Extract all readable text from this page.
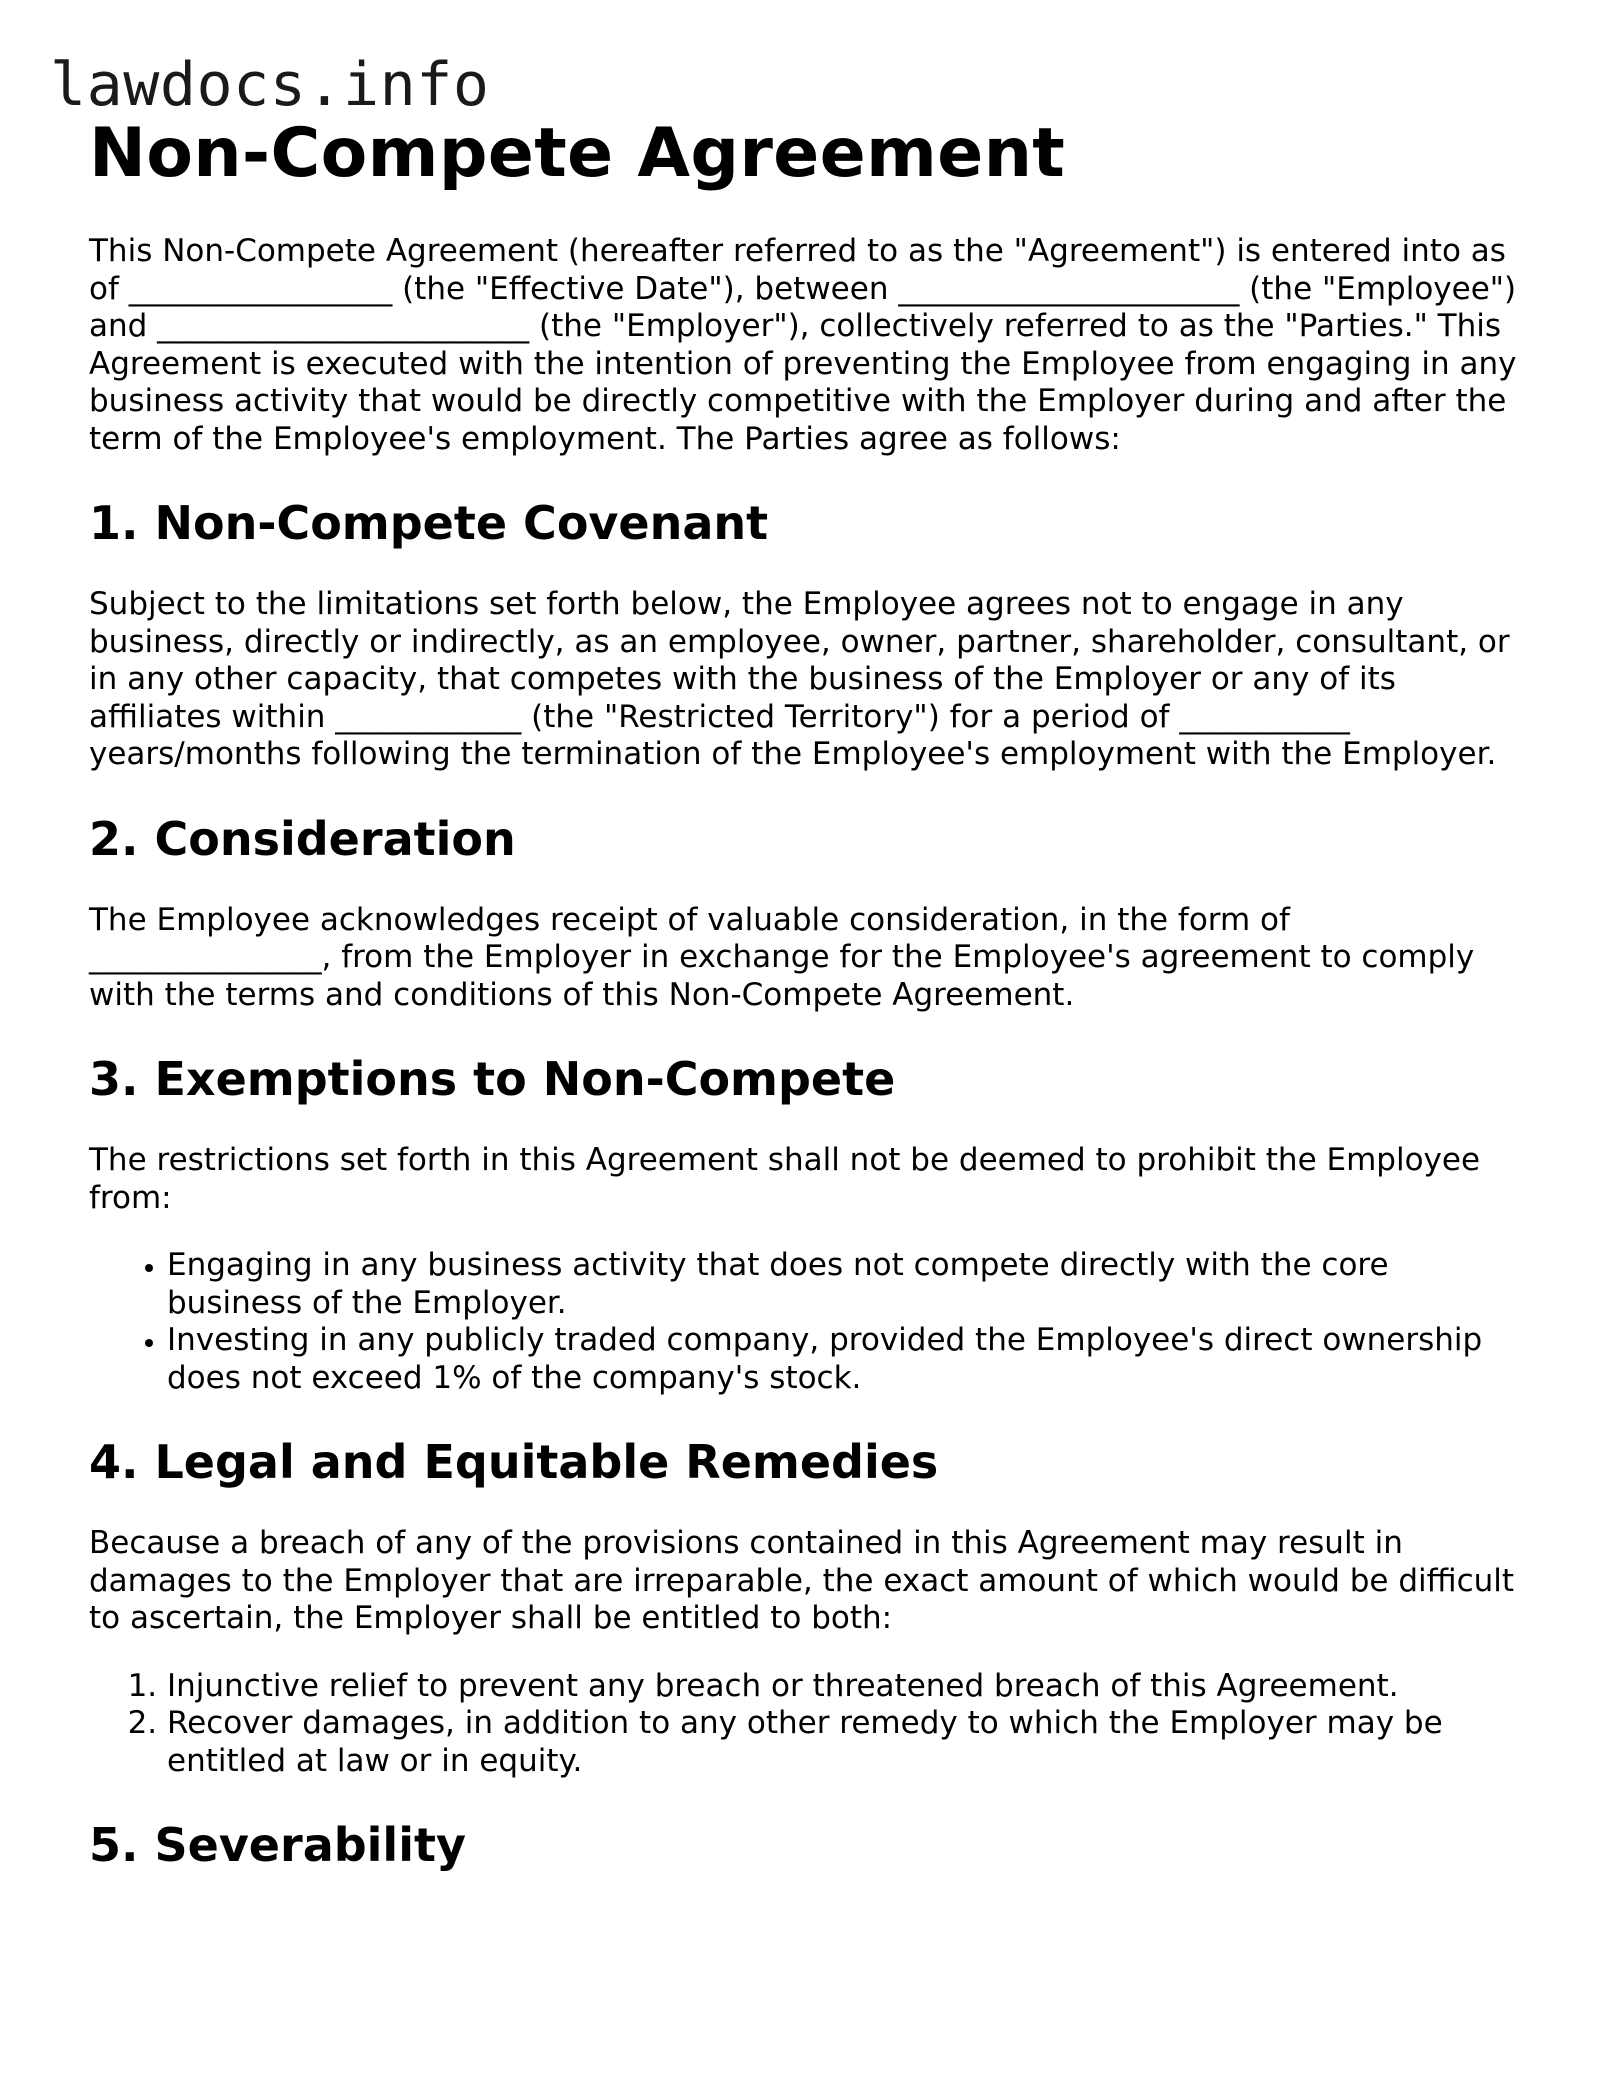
lawdocs.info
Non-Compete Agreement

This Non-Compete Agreement (hereafter referred to as the "Agreement") is entered into as of _________________ (the "Effective Date"), between ______________________ (the "Employee") and ________________________ (the "Employer"), collectively referred to as the "Parties." This Agreement is executed with the intention of preventing the Employee from engaging in any business activity that would be directly competitive with the Employer during and after the term of the Employee's employment. The Parties agree as follows:

1. Non-Compete Covenant

Subject to the limitations set forth below, the Employee agrees not to engage in any business, directly or indirectly, as an employee, owner, partner, shareholder, consultant, or in any other capacity, that competes with the business of the Employer or any of its affiliates within ____________ (the "Restricted Territory") for a period of ___________ years/months following the termination of the Employee's employment with the Employer.

2. Consideration

The Employee acknowledges receipt of valuable consideration, in the form of _______________, from the Employer in exchange for the Employee's agreement to comply with the terms and conditions of this Non-Compete Agreement.

3. Exemptions to Non-Compete

The restrictions set forth in this Agreement shall not be deemed to prohibit the Employee from:

• Engaging in any business activity that does not compete directly with the core business of the Employer.
• Investing in any publicly traded company, provided the Employee's direct ownership does not exceed 1% of the company's stock.
4. Legal and Equitable Remedies

Because a breach of any of the provisions contained in this Agreement may result in damages to the Employer that are irreparable, the exact amount of which would be difficult to ascertain, the Employer shall be entitled to both:

1. Injunctive relief to prevent any breach or threatened breach of this Agreement.
2. Recover damages, in addition to any other remedy to which the Employer may be entitled at law or in equity.
5. Severability
